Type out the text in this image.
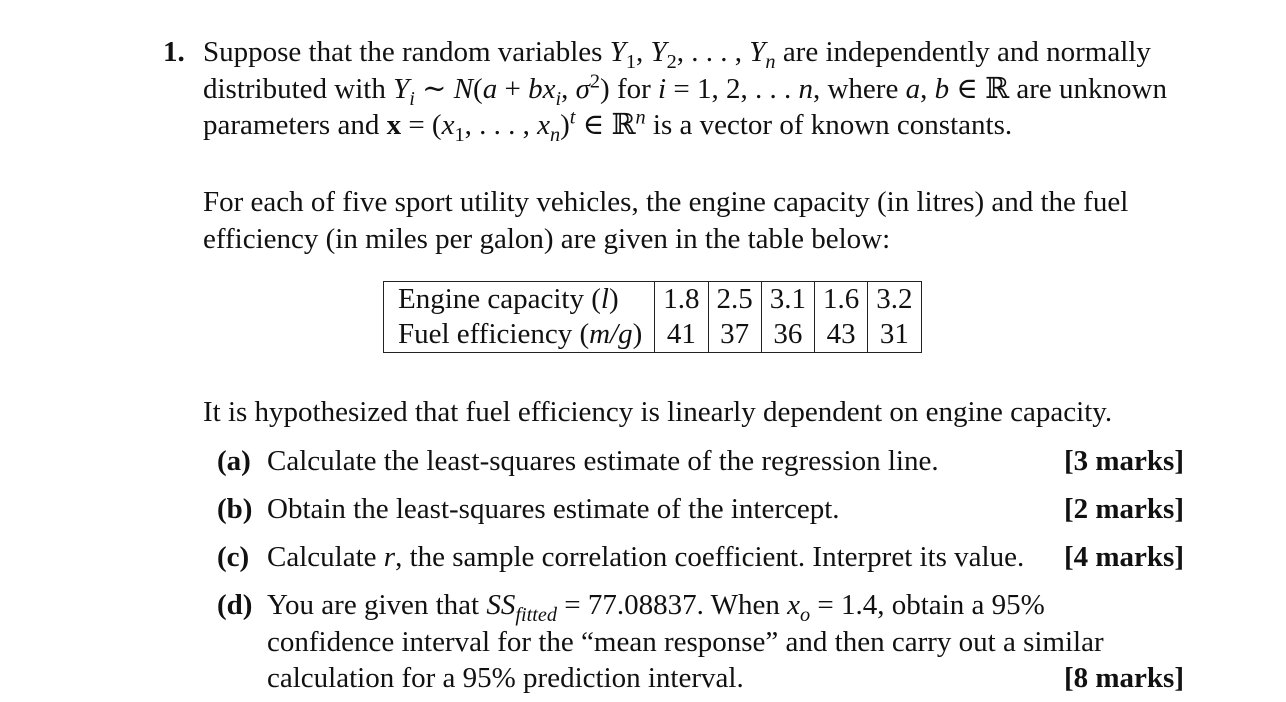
1. Suppose that the random variables $Y_1$, $Y_2$, . . . , $Y_n$ are independently and normally distributed with $Y_i$ ∼ $N(a + bx_i$, $\sigma^2$) for i = 1, 2, . . . n, where a, b ∈ ℝ are unknown parameters and $x = (x_1$, . . . , $x_n)^t$ ∈ ℝ$^n$ is a vector of known constants.
For each of five sport utility vehicles, the engine capacity (in litres) and the fuel efficiency (in miles per galon) are given in the table below:
Engine capacity (l)	1.8	2.5	3.1	1.6	3.2
Fuel efficiency (m/g)	41	37	36	43	31
It is hypothesized that fuel efficiency is linearly dependent on engine capacity.
(a) Calculate the least-squares estimate of the regression line.	[3 marks]
(b) Obtain the least-squares estimate of the intercept.	[2 marks]
(c) Calculate r, the sample correlation coefficient. Interpret its value.	[4 marks]
(d) You are given that $SS_{fitted} = 77.08837$. When $x_o = 1.4$, obtain a 95% confidence interval for the “mean response” and then carry out a similar calculation for a 95% prediction interval.	[8 marks]
